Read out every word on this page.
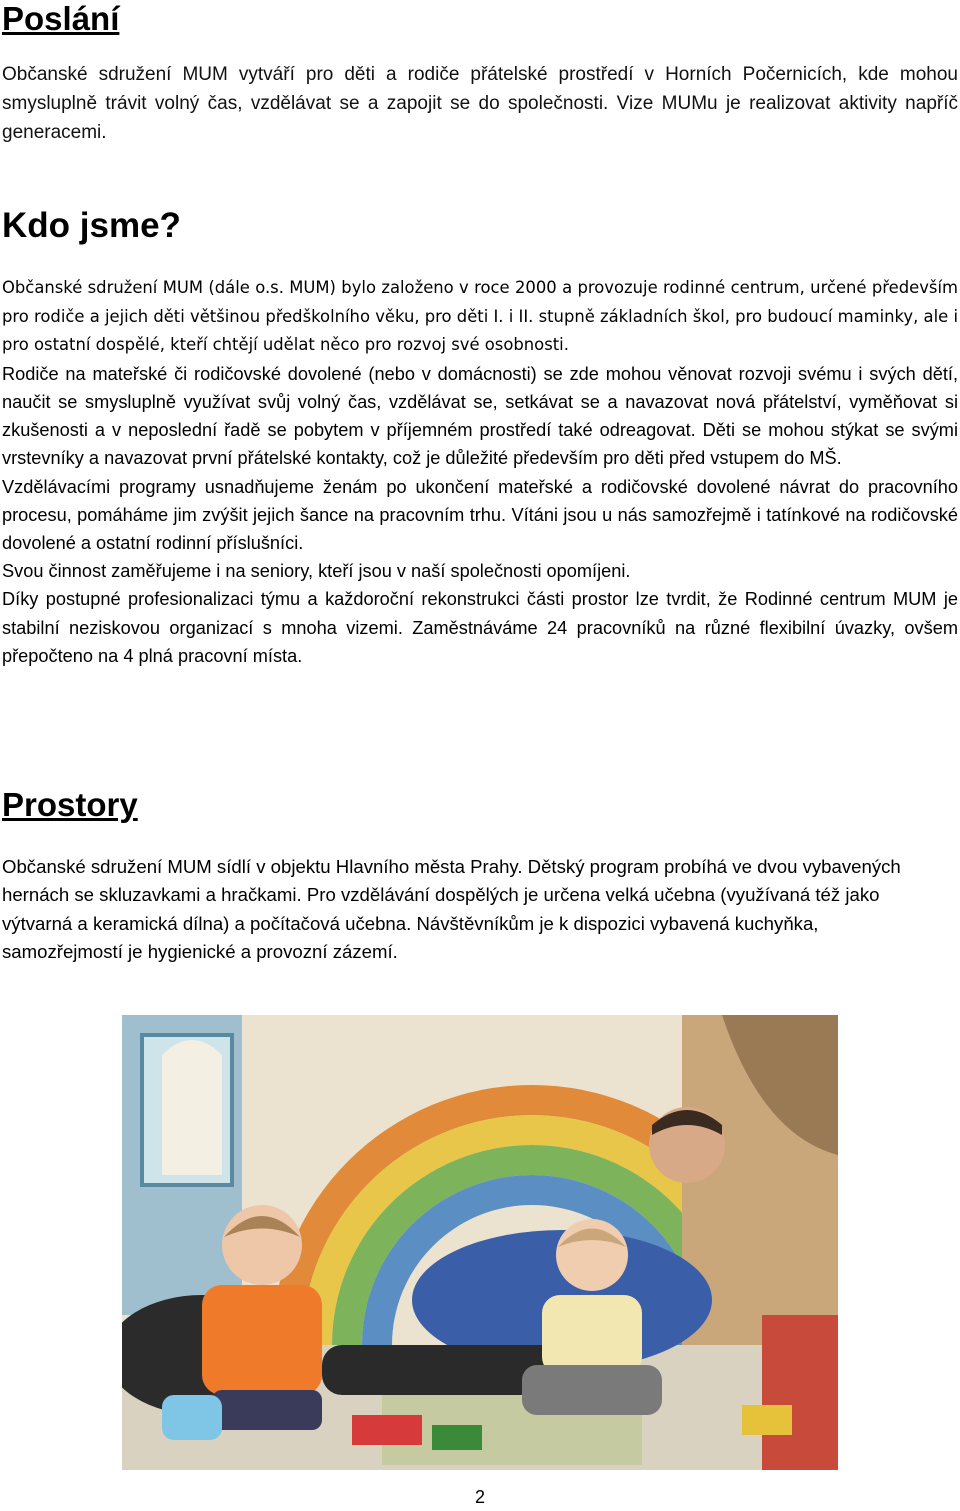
Poslání

Občanské sdružení MUM vytváří pro děti a rodiče přátelské prostředí v Horních Počernicích, kde mohou smysluplně trávit volný čas, vzdělávat se a zapojit se do společnosti. Vize MUMu je realizovat aktivity napříč generacemi.

Kdo jsme?

Občanské sdružení MUM (dále o.s. MUM) bylo založeno v roce 2000 a provozuje rodinné centrum, určené především pro rodiče a jejich děti většinou předškolního věku, pro děti I. i II. stupně základních škol, pro budoucí maminky, ale i pro ostatní dospělé, kteří chtějí udělat něco pro rozvoj své osobnosti.

Rodiče na mateřské či rodičovské dovolené (nebo v domácnosti) se zde mohou věnovat rozvoji svému i svých dětí, naučit se smysluplně využívat svůj volný čas, vzdělávat se, setkávat se a navazovat nová přátelství, vyměňovat si zkušenosti a v neposlední řadě se pobytem v příjemném prostředí také odreagovat. Děti se mohou stýkat se svými vrstevníky a navazovat první přátelské kontakty, což je důležité především pro děti před vstupem do MŠ.

Vzdělávacími programy usnadňujeme ženám po ukončení mateřské a rodičovské dovolené návrat do pracovního procesu, pomáháme jim zvýšit jejich šance na pracovním trhu. Vítáni jsou u nás samozřejmě i tatínkové na rodičovské dovolené a ostatní rodinní příslušníci.

Svou činnost zaměřujeme i na seniory, kteří jsou v naší společnosti opomíjeni.

Díky postupné profesionalizaci týmu a každoroční rekonstrukci části prostor lze tvrdit, že Rodinné centrum MUM je stabilní neziskovou organizací s mnoha vizemi. Zaměstnáváme 24 pracovníků na různé flexibilní úvazky, ovšem přepočteno na 4 plná pracovní místa.

Prostory

Občanské sdružení MUM sídlí v objektu Hlavního města Prahy. Dětský program probíhá ve dvou vybavených hernách se skluzavkami a hračkami. Pro vzdělávání dospělých je určena velká učebna (využívaná též jako výtvarná a keramická dílna) a počítačová učebna. Návštěvníkům je k dispozici vybavená kuchyňka, samozřejmostí je hygienické a provozní zázemí.

2
